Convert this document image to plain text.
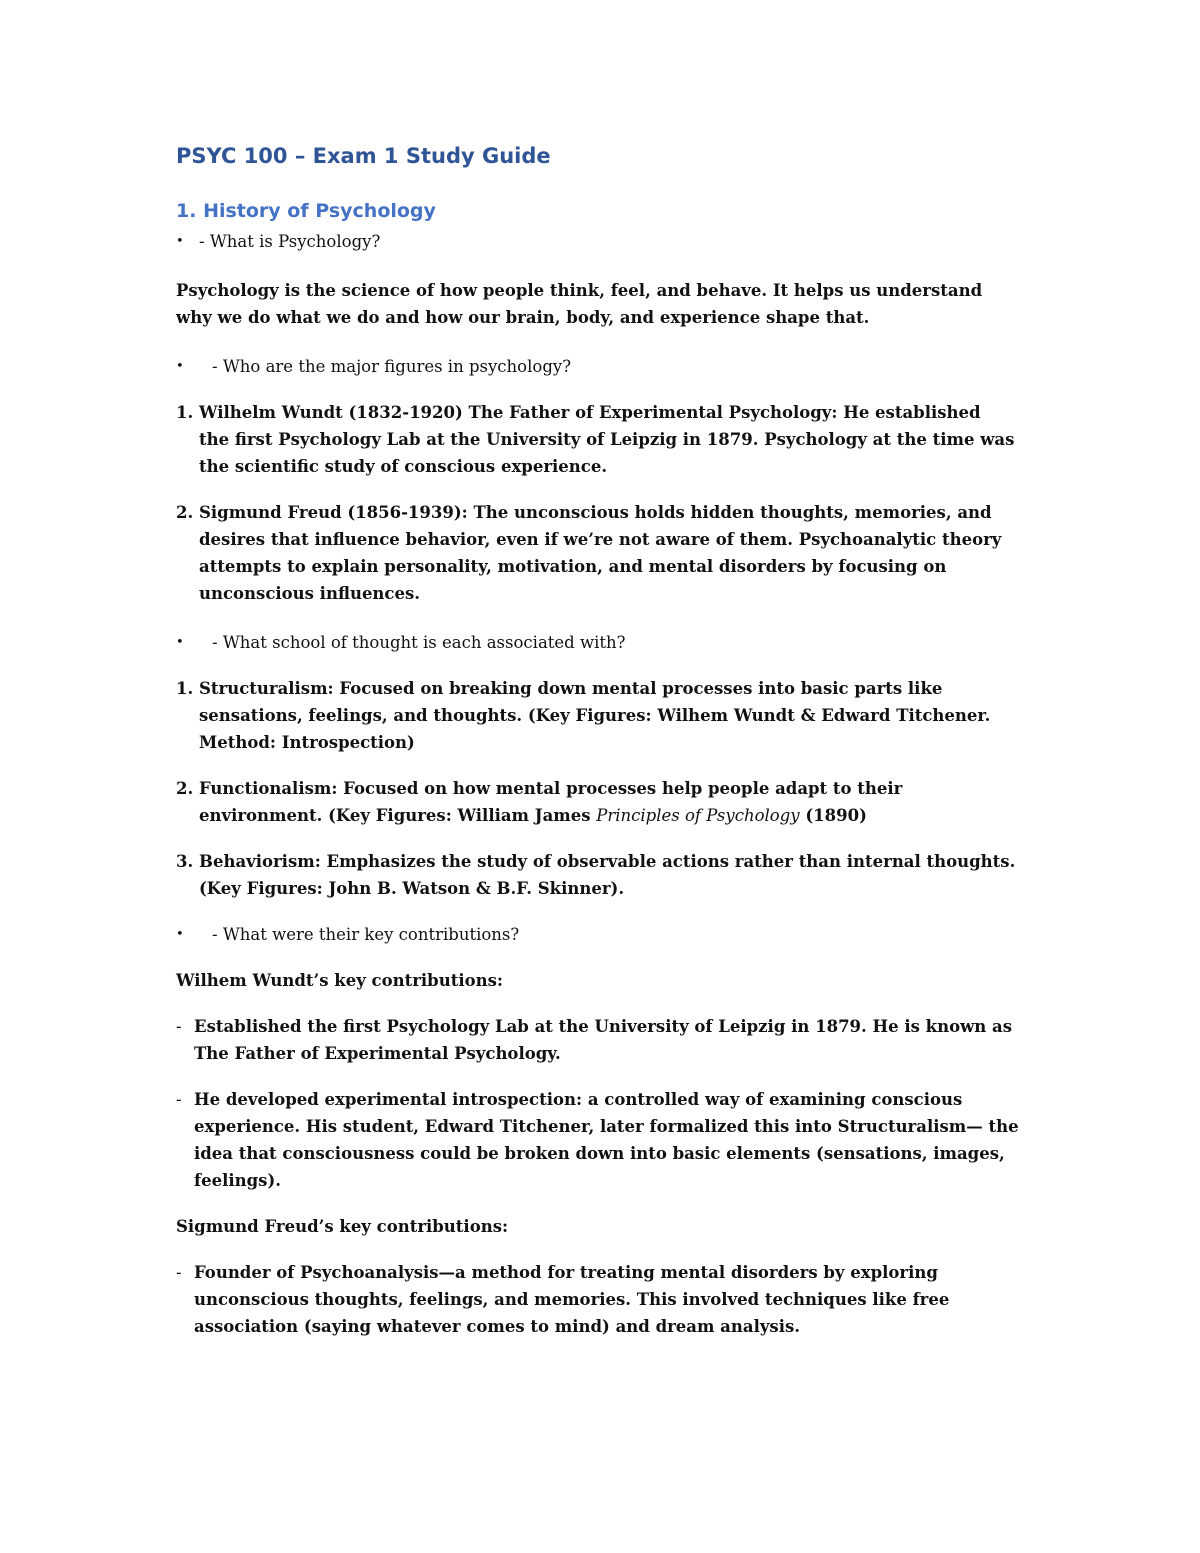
PSYC 100 – Exam 1 Study Guide
1. History of Psychology
• - What is Psychology?
Psychology is the science of how people think, feel, and behave. It helps us understand
why we do what we do and how our brain, body, and experience shape that.
•	- Who are the major figures in psychology?
1. Wilhelm Wundt (1832-1920) The Father of Experimental Psychology: He established
the first Psychology Lab at the University of Leipzig in 1879. Psychology at the time was
the scientific study of conscious experience.
2. Sigmund Freud (1856-1939): The unconscious holds hidden thoughts, memories, and
desires that influence behavior, even if we’re not aware of them. Psychoanalytic theory
attempts to explain personality, motivation, and mental disorders by focusing on
unconscious influences.
•	- What school of thought is each associated with?
1. Structuralism: Focused on breaking down mental processes into basic parts like
sensations, feelings, and thoughts. (Key Figures: Wilhem Wundt & Edward Titchener.
Method: Introspection)
2. Functionalism: Focused on how mental processes help people adapt to their
environment. (Key Figures: William James Principles of Psychology (1890)
3. Behaviorism: Emphasizes the study of observable actions rather than internal thoughts.
(Key Figures: John B. Watson & B.F. Skinner).
•	- What were their key contributions?
Wilhem Wundt’s key contributions:
- Established the first Psychology Lab at the University of Leipzig in 1879. He is known as
The Father of Experimental Psychology.
- He developed experimental introspection: a controlled way of examining conscious
experience. His student, Edward Titchener, later formalized this into Structuralism— the
idea that consciousness could be broken down into basic elements (sensations, images,
feelings).
Sigmund Freud’s key contributions:
- Founder of Psychoanalysis—a method for treating mental disorders by exploring
unconscious thoughts, feelings, and memories. This involved techniques like free
association (saying whatever comes to mind) and dream analysis.
